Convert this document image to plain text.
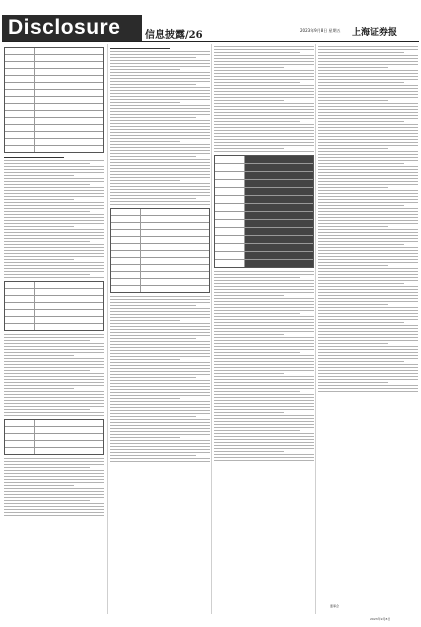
Disclosure 信息披露/26	2023年9月8日 星期五 上海证券报
董事会
2023年9月8日
